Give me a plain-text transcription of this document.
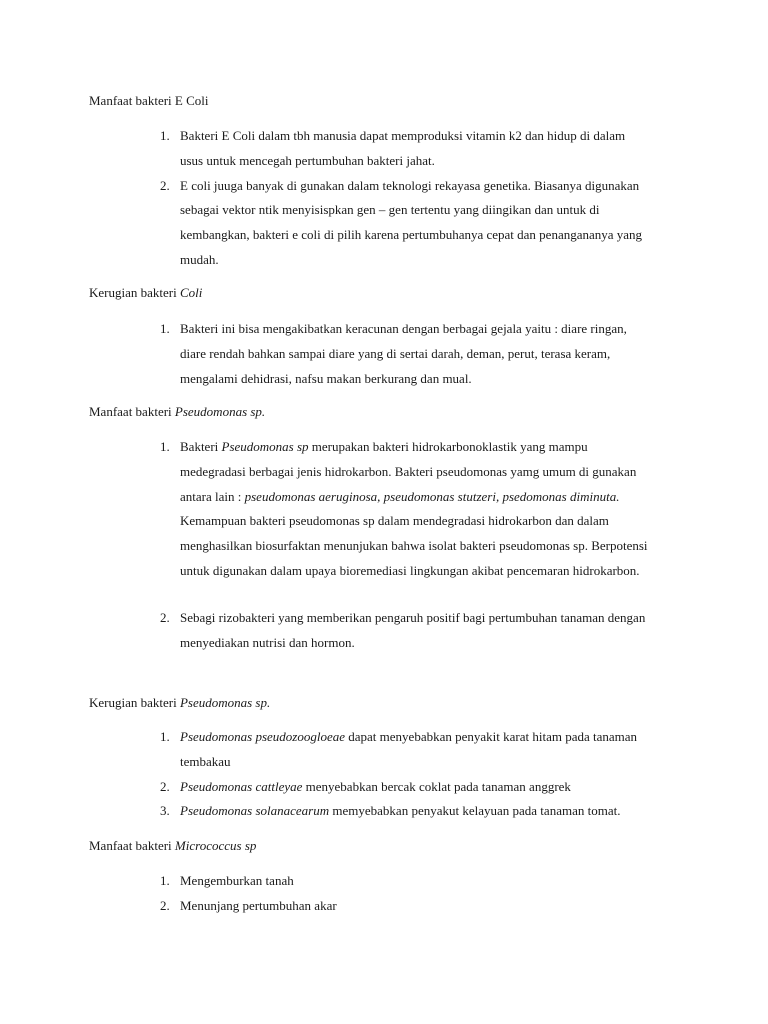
Manfaat bakteri E Coli
1. Bakteri E Coli dalam tbh manusia dapat memproduksi vitamin k2 dan hidup di dalam
usus untuk mencegah pertumbuhan bakteri jahat.
2. E coli juuga banyak di gunakan dalam teknologi rekayasa genetika. Biasanya digunakan
sebagai vektor ntik menyisispkan gen – gen tertentu yang diingikan dan untuk di
kembangkan, bakteri e coli di pilih karena pertumbuhanya cepat dan penangananya yang
mudah.
Kerugian bakteri Coli
1. Bakteri ini bisa mengakibatkan keracunan dengan berbagai gejala yaitu : diare ringan,
diare rendah bahkan sampai diare yang di sertai darah, deman, perut, terasa keram,
mengalami dehidrasi, nafsu makan berkurang dan mual.
Manfaat bakteri Pseudomonas sp.
1. Bakteri Pseudomonas sp merupakan bakteri hidrokarbonoklastik yang mampu
medegradasi berbagai jenis hidrokarbon. Bakteri pseudomonas yamg umum di gunakan
antara lain : pseudomonas aeruginosa, pseudomonas stutzeri, psedomonas diminuta.
Kemampuan bakteri pseudomonas sp dalam mendegradasi hidrokarbon dan dalam
menghasilkan biosurfaktan menunjukan bahwa isolat bakteri pseudomonas sp. Berpotensi
untuk digunakan dalam upaya bioremediasi lingkungan akibat pencemaran hidrokarbon.
2. Sebagi rizobakteri yang memberikan pengaruh positif bagi pertumbuhan tanaman dengan
menyediakan nutrisi dan hormon.
Kerugian bakteri Pseudomonas sp.
1. Pseudomonas pseudozoogloeae dapat menyebabkan penyakit karat hitam pada tanaman
tembakau
2. Pseudomonas cattleyae menyebabkan bercak coklat pada tanaman anggrek
3. Pseudomonas solanacearum memyebabkan penyakut kelayuan pada tanaman tomat.
Manfaat bakteri Micrococcus sp
1. Mengemburkan tanah
2. Menunjang pertumbuhan akar
